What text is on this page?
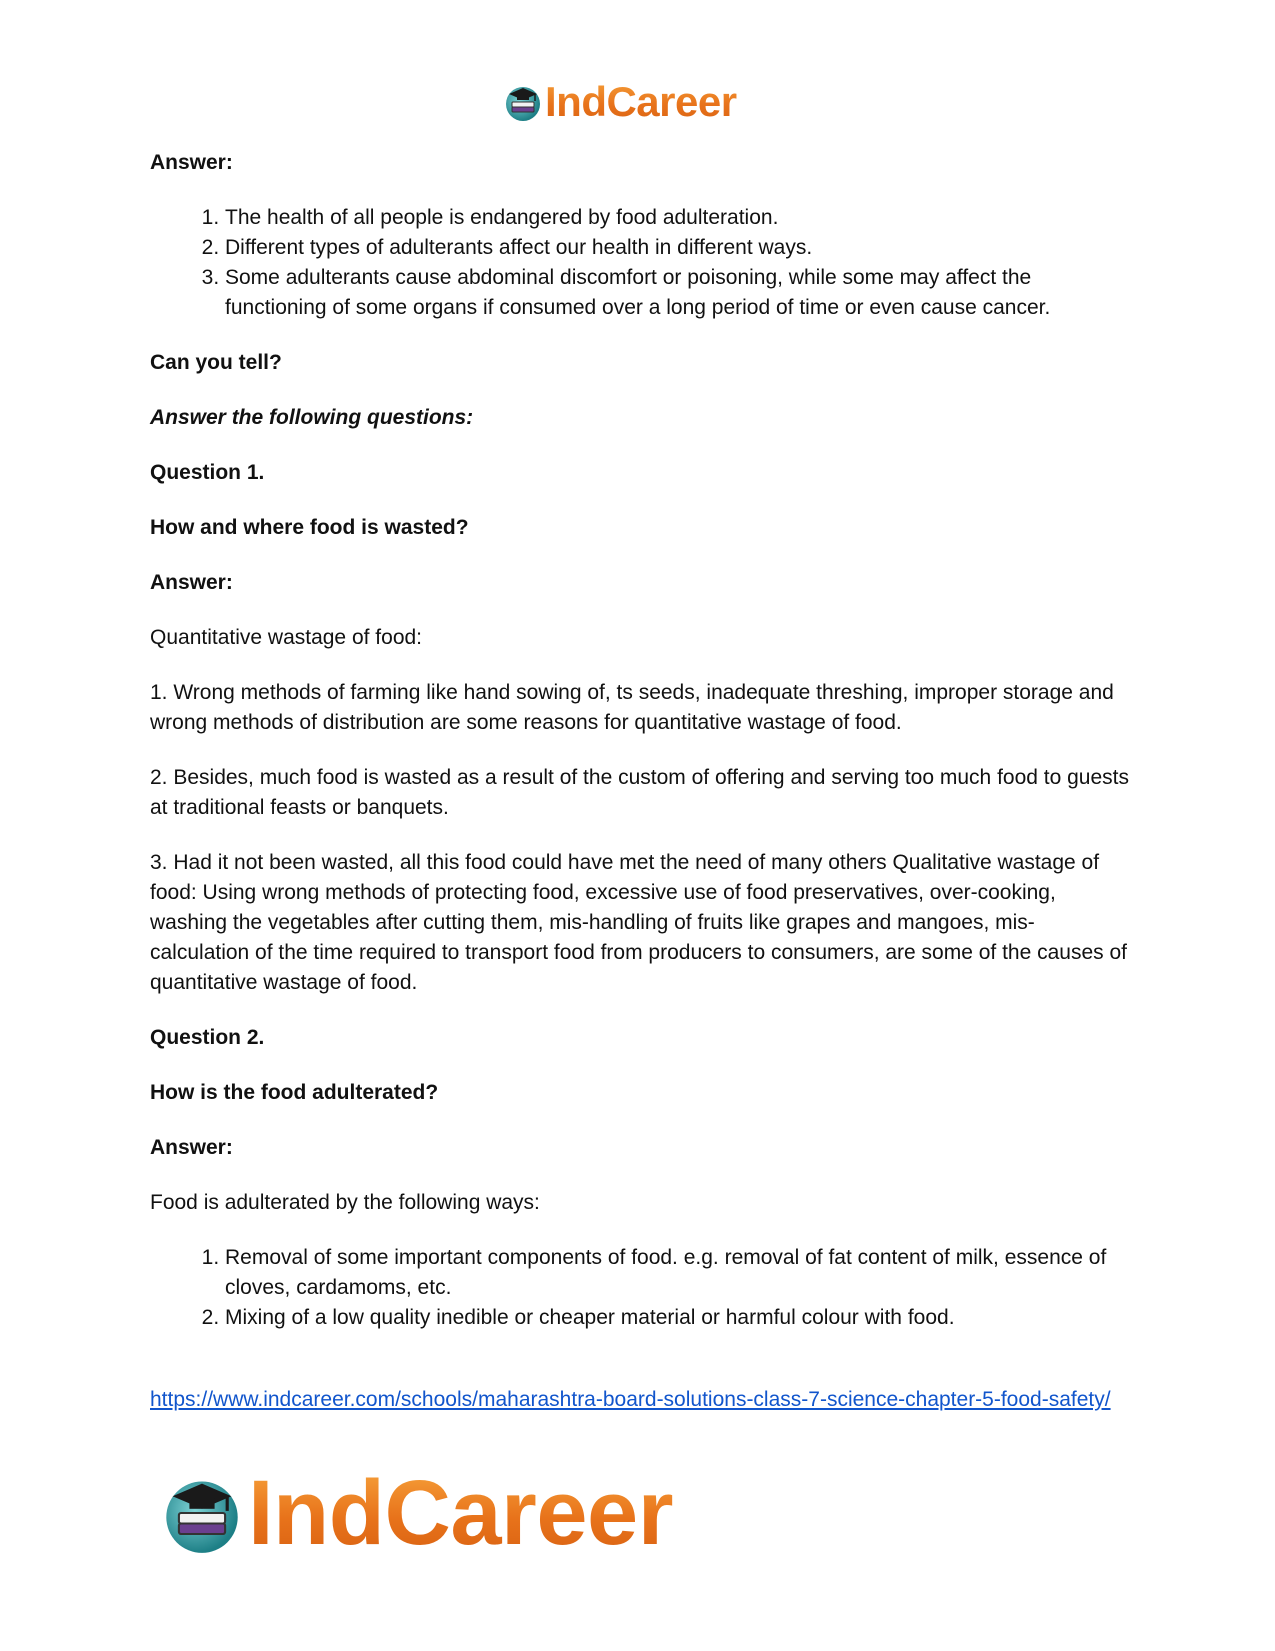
IndCareer
Answer:
1. The health of all people is endangered by food adulteration.
2. Different types of adulterants affect our health in different ways.
3. Some adulterants cause abdominal discomfort or poisoning, while some may affect the functioning of some organs if consumed over a long period of time or even cause cancer.
Can you tell?
Answer the following questions:
Question 1.
How and where food is wasted?
Answer:
Quantitative wastage of food:
1. Wrong methods of farming like hand sowing of, ts seeds, inadequate threshing, improper storage and wrong methods of distribution are some reasons for quantitative wastage of food.
2. Besides, much food is wasted as a result of the custom of offering and serving too much food to guests at traditional feasts or banquets.
3. Had it not been wasted, all this food could have met the need of many others Qualitative wastage of food: Using wrong methods of protecting food, excessive use of food preservatives, over-cooking, washing the vegetables after cutting them, mis-handling of fruits like grapes and mangoes, mis-calculation of the time required to transport food from producers to consumers, are some of the causes of quantitative wastage of food.
Question 2.
How is the food adulterated?
Answer:
Food is adulterated by the following ways:
1. Removal of some important components of food. e.g. removal of fat content of milk, essence of cloves, cardamoms, etc.
2. Mixing of a low quality inedible or cheaper material or harmful colour with food.
https://www.indcareer.com/schools/maharashtra-board-solutions-class-7-science-chapter-5-food-safety/
IndCareer
